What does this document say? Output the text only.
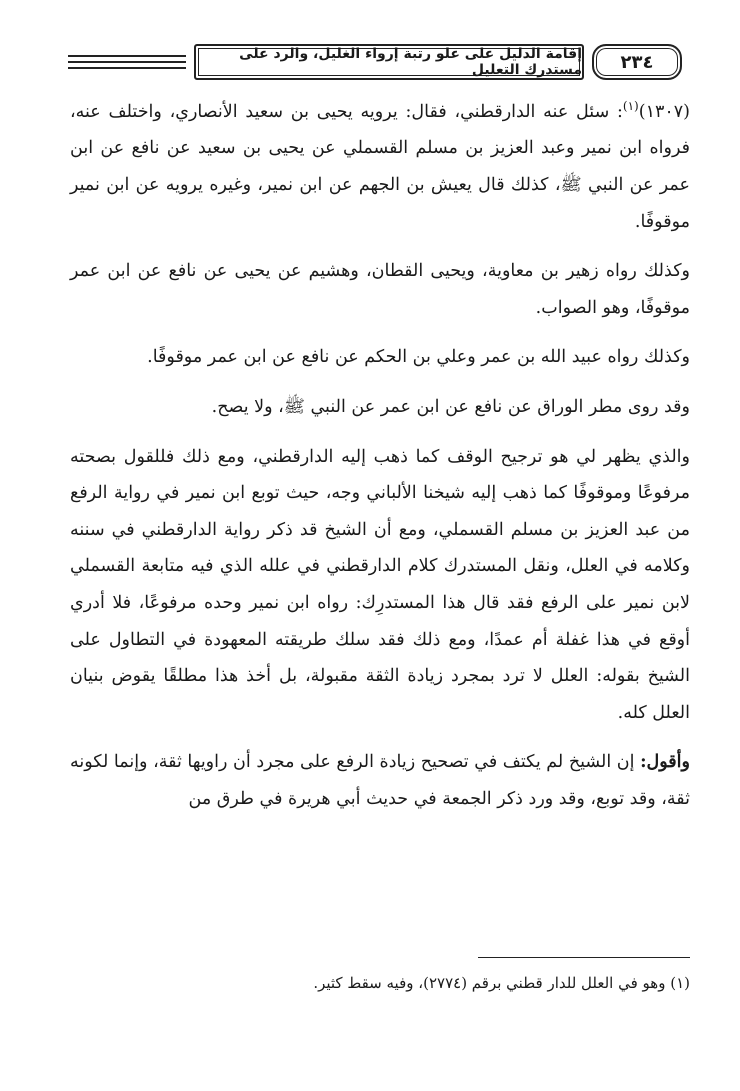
إقامة الدليل على علو رتبة إرواء الغليل، والرد على مستدرك التعليل	٢٣٤

(١٣٠٧)$^{(١)}$: سئل عنه الدارقطني، فقال: يرويه يحيى بن سعيد الأنصاري، واختلف عنه، فرواه ابن نمير وعبد العزيز بن مسلم القسملي عن يحيى بن سعيد عن نافع عن ابن عمر عن النبي ﷺ، كذلك قال يعيش بن الجهم عن ابن نمير، وغيره يرويه عن ابن نمير موقوفًا.

وكذلك رواه زهير بن معاوية، ويحيى القطان، وهشيم عن يحيى عن نافع عن ابن عمر موقوفًا، وهو الصواب.

وكذلك رواه عبيد الله بن عمر وعلي بن الحكم عن نافع عن ابن عمر موقوفًا.

وقد روى مطر الوراق عن نافع عن ابن عمر عن النبي ﷺ، ولا يصح.

والذي يظهر لي هو ترجيح الوقف كما ذهب إليه الدارقطني، ومع ذلك فللقول بصحته مرفوعًا وموقوفًا كما ذهب إليه شيخنا الألباني وجه، حيث توبع ابن نمير في رواية الرفع من عبد العزيز بن مسلم القسملي، ومع أن الشيخ قد ذكر رواية الدارقطني في سننه وكلامه في العلل، ونقل المستدرك كلام الدارقطني في علله الذي فيه متابعة القسملي لابن نمير على الرفع فقد قال هذا المستدرِك: رواه ابن نمير وحده مرفوعًا، فلا أدري أوقع في هذا غفلة أم عمدًا، ومع ذلك فقد سلك طريقته المعهودة في التطاول على الشيخ بقوله: العلل لا ترد بمجرد زيادة الثقة مقبولة، بل أخذ هذا مطلقًا يقوض بنيان العلل كله.

وأقول: إن الشيخ لم يكتف في تصحيح زيادة الرفع على مجرد أن راويها ثقة، وإنما لكونه ثقة، وقد توبع، وقد ورد ذكر الجمعة في حديث أبي هريرة في طرق من

(١) وهو في العلل للدار قطني برقم (٢٧٧٤)، وفيه سقط كثير.
